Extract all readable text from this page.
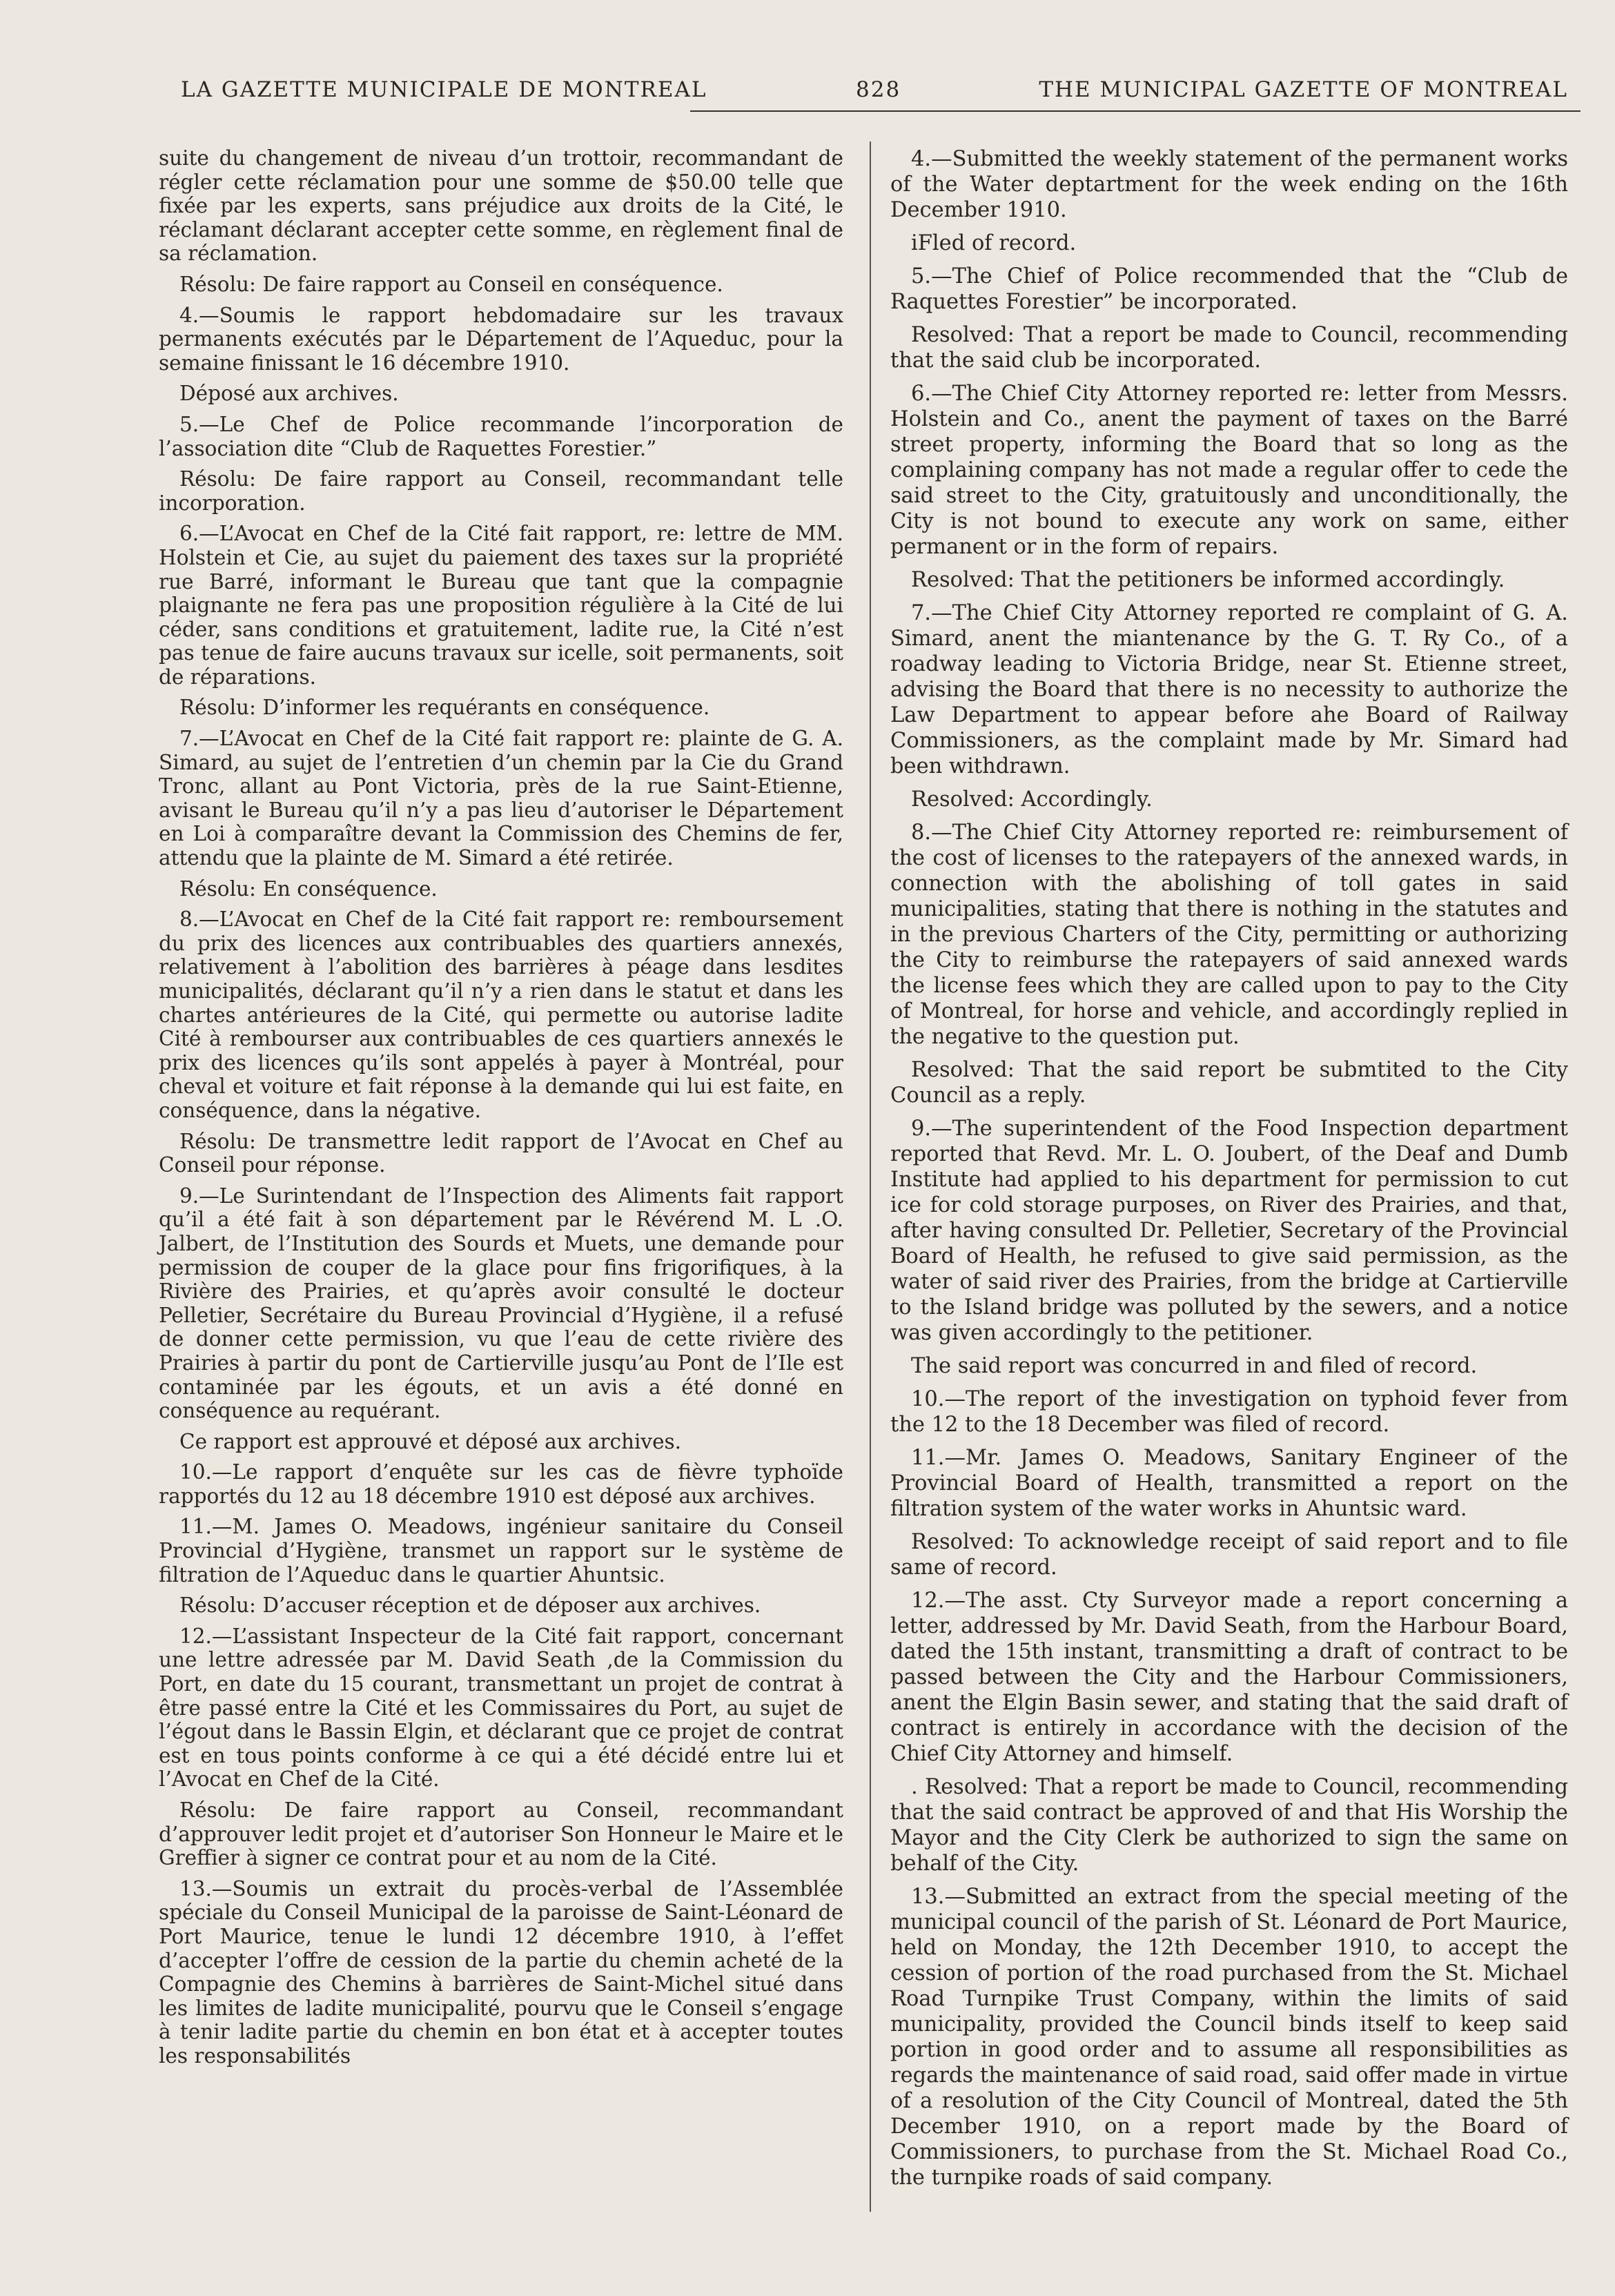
LA GAZETTE MUNICIPALE DE MONTREAL	828	THE MUNICIPAL GAZETTE OF MONTREAL

suite du changement de niveau d’un trottoir, recommandant de régler cette réclamation pour une somme de $50.00 telle que fixée par les experts, sans préjudice aux droits de la Cité, le réclamant déclarant accepter cette somme, en règlement final de sa réclamation.

Résolu: De faire rapport au Conseil en conséquence.

4.—Soumis le rapport hebdomadaire sur les travaux permanents exécutés par le Département de l’Aqueduc, pour la semaine finissant le 16 décembre 1910.

Déposé aux archives.

5.—Le Chef de Police recommande l’incorporation de l’association dite “Club de Raquettes Forestier.”

Résolu: De faire rapport au Conseil, recommandant telle incorporation.

6.—L’Avocat en Chef de la Cité fait rapport, re: lettre de MM. Holstein et Cie, au sujet du paiement des taxes sur la propriété rue Barré, informant le Bureau que tant que la compagnie plaignante ne fera pas une proposition régulière à la Cité de lui céder, sans conditions et gratuitement, ladite rue, la Cité n’est pas tenue de faire aucuns travaux sur icelle, soit permanents, soit de réparations.

Résolu: D’informer les requérants en conséquence.

7.—L’Avocat en Chef de la Cité fait rapport re: plainte de G. A. Simard, au sujet de l’entretien d’un chemin par la Cie du Grand Tronc, allant au Pont Victoria, près de la rue Saint-Etienne, avisant le Bureau qu’il n’y a pas lieu d’autoriser le Département en Loi à comparaître devant la Commission des Chemins de fer, attendu que la plainte de M. Simard a été retirée.

Résolu: En conséquence.

8.—L’Avocat en Chef de la Cité fait rapport re: remboursement du prix des licences aux contribuables des quartiers annexés, relativement à l’abolition des barrières à péage dans lesdites municipalités, déclarant qu’il n’y a rien dans le statut et dans les chartes antérieures de la Cité, qui permette ou autorise ladite Cité à rembourser aux contribuables de ces quartiers annexés le prix des licences qu’ils sont appelés à payer à Montréal, pour cheval et voiture et fait réponse à la demande qui lui est faite, en conséquence, dans la négative.

Résolu: De transmettre ledit rapport de l’Avocat en Chef au Conseil pour réponse.

9.—Le Surintendant de l’Inspection des Aliments fait rapport qu’il a été fait à son département par le Révérend M. L .O. Jalbert, de l’Institution des Sourds et Muets, une demande pour permission de couper de la glace pour fins frigorifiques, à la Rivière des Prairies, et qu’après avoir consulté le docteur Pelletier, Secrétaire du Bureau Provincial d’Hygiène, il a refusé de donner cette permission, vu que l’eau de cette rivière des Prairies à partir du pont de Cartierville jusqu’au Pont de l’Ile est contaminée par les égouts, et un avis a été donné en conséquence au requérant.

Ce rapport est approuvé et déposé aux archives.

10.—Le rapport d’enquête sur les cas de fièvre typhoïde rapportés du 12 au 18 décembre 1910 est déposé aux archives.

11.—M. James O. Meadows, ingénieur sanitaire du Conseil Provincial d’Hygiène, transmet un rapport sur le système de filtration de l’Aqueduc dans le quartier Ahuntsic.

Résolu: D’accuser réception et de déposer aux archives.

12.—L’assistant Inspecteur de la Cité fait rapport, concernant une lettre adressée par M. David Seath ,de la Commission du Port, en date du 15 courant, transmettant un projet de contrat à être passé entre la Cité et les Commissaires du Port, au sujet de l’égout dans le Bassin Elgin, et déclarant que ce projet de contrat est en tous points conforme à ce qui a été décidé entre lui et l’Avocat en Chef de la Cité.

Résolu: De faire rapport au Conseil, recommandant d’approuver ledit projet et d’autoriser Son Honneur le Maire et le Greffier à signer ce contrat pour et au nom de la Cité.

13.—Soumis un extrait du procès-verbal de l’Assemblée spéciale du Conseil Municipal de la paroisse de Saint-Léonard de Port Maurice, tenue le lundi 12 décembre 1910, à l’effet d’accepter l’offre de cession de la partie du chemin acheté de la Compagnie des Chemins à barrières de Saint-Michel situé dans les limites de ladite municipalité, pourvu que le Conseil s’engage à tenir ladite partie du chemin en bon état et à accepter toutes les responsabilités

4.—Submitted the weekly statement of the permanent works of the Water deptartment for the week ending on the 16th December 1910.

iFled of record.

5.—The Chief of Police recommended that the “Club de Raquettes Forestier” be incorporated.

Resolved: That a report be made to Council, recommending that the said club be incorporated.

6.—The Chief City Attorney reported re: letter from Messrs. Holstein and Co., anent the payment of taxes on the Barré street property, informing the Board that so long as the complaining company has not made a regular offer to cede the said street to the City, gratuitously and unconditionally, the City is not bound to execute any work on same, either permanent or in the form of repairs.

Resolved: That the petitioners be informed accordingly.

7.—The Chief City Attorney reported re complaint of G. A. Simard, anent the miantenance by the G. T. Ry Co., of a roadway leading to Victoria Bridge, near St. Etienne street, advising the Board that there is no necessity to authorize the Law Department to appear before ahe Board of Railway Commissioners, as the complaint made by Mr. Simard had been withdrawn.

Resolved: Accordingly.

8.—The Chief City Attorney reported re: reimbursement of the cost of licenses to the ratepayers of the annexed wards, in connection with the abolishing of toll gates in said municipalities, stating that there is nothing in the statutes and in the previous Charters of the City, permitting or authorizing the City to reimburse the ratepayers of said annexed wards the license fees which they are called upon to pay to the City of Montreal, for horse and vehicle, and accordingly replied in the negative to the question put.

Resolved: That the said report be submtited to the City Council as a reply.

9.—The superintendent of the Food Inspection department reported that Revd. Mr. L. O. Joubert, of the Deaf and Dumb Institute had applied to his department for permission to cut ice for cold storage purposes, on River des Prairies, and that, after having consulted Dr. Pelletier, Secretary of the Provincial Board of Health, he refused to give said permission, as the water of said river des Prairies, from the bridge at Cartierville to the Island bridge was polluted by the sewers, and a notice was given accordingly to the petitioner.

The said report was concurred in and filed of record.

10.—The report of the investigation on typhoid fever from the 12 to the 18 December was filed of record.

11.—Mr. James O. Meadows, Sanitary Engineer of the Provincial Board of Health, transmitted a report on the filtration system of the water works in Ahuntsic ward.

Resolved: To acknowledge receipt of said report and to file same of record.

12.—The asst. Cty Surveyor made a report concerning a letter, addressed by Mr. David Seath, from the Harbour Board, dated the 15th instant, transmitting a draft of contract to be passed between the City and the Harbour Commissioners, anent the Elgin Basin sewer, and stating that the said draft of contract is entirely in accordance with the decision of the Chief City Attorney and himself.

. Resolved: That a report be made to Council, recommending that the said contract be approved of and that His Worship the Mayor and the City Clerk be authorized to sign the same on behalf of the City.

13.—Submitted an extract from the special meeting of the municipal council of the parish of St. Léonard de Port Maurice, held on Monday, the 12th December 1910, to accept the cession of portion of the road purchased from the St. Michael Road Turnpike Trust Company, within the limits of said municipality, provided the Council binds itself to keep said portion in good order and to assume all responsibilities as regards the maintenance of said road, said offer made in virtue of a resolution of the City Council of Montreal, dated the 5th December 1910, on a report made by the Board of Commissioners, to purchase from the St. Michael Road Co., the turnpike roads of said company.
